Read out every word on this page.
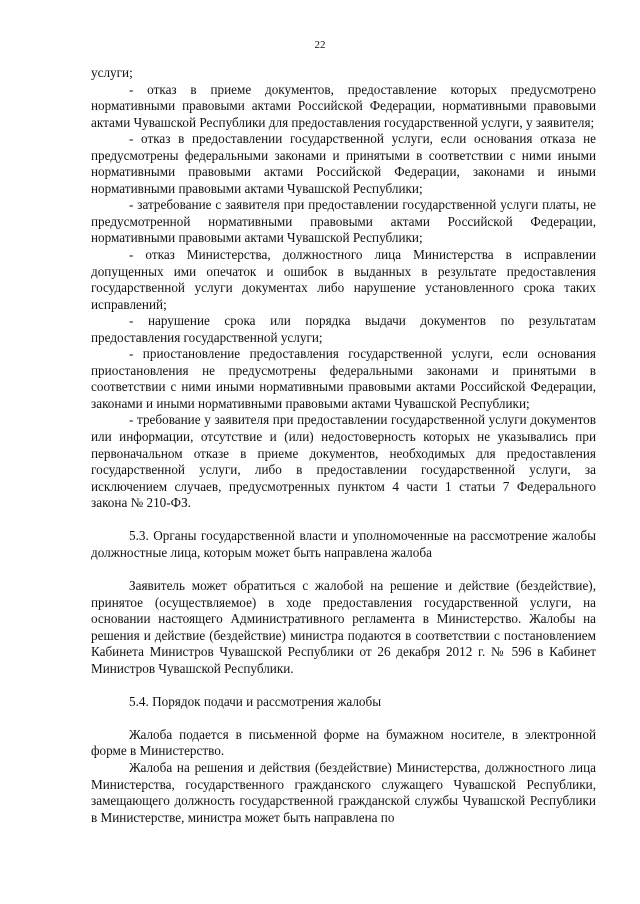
22

услуги;

- отказ в приеме документов, предоставление которых предусмотрено нормативными правовыми актами Российской Федерации, нормативными правовыми актами Чувашской Республики для предоставления государственной услуги, у заявителя;

- отказ в предоставлении государственной услуги, если основания отказа не предусмотрены федеральными законами и принятыми в соответствии с ними иными нормативными правовыми актами Российской Федерации, законами и иными нормативными правовыми актами Чувашской Республики;

- затребование с заявителя при предоставлении государственной услуги платы, не предусмотренной нормативными правовыми актами Российской Федерации, нормативными правовыми актами Чувашской Республики;

- отказ Министерства, должностного лица Министерства в исправлении допущенных ими опечаток и ошибок в выданных в результате предоставления государственной услуги документах либо нарушение установленного срока таких исправлений;

- нарушение срока или порядка выдачи документов по результатам предоставления государственной услуги;

- приостановление предоставления государственной услуги, если основания приостановления не предусмотрены федеральными законами и принятыми в соответствии с ними иными нормативными правовыми актами Российской Федерации, законами и иными нормативными правовыми актами Чувашской Республики;

- требование у заявителя при предоставлении государственной услуги документов или информации, отсутствие и (или) недостоверность которых не указывались при первоначальном отказе в приеме документов, необходимых для предоставления государственной услуги, либо в предоставлении государственной услуги, за исключением случаев, предусмотренных пунктом 4 части 1 статьи 7 Федерального закона № 210-ФЗ.

5.3. Органы государственной власти и уполномоченные на рассмотрение жалобы должностные лица, которым может быть направлена жалоба

Заявитель может обратиться с жалобой на решение и действие (бездействие), принятое (осуществляемое) в ходе предоставления государственной услуги, на основании настоящего Административного регламента в Министерство. Жалобы на решения и действие (бездействие) министра подаются в соответствии с постановлением Кабинета Министров Чувашской Республики от 26 декабря 2012 г. № 596 в Кабинет Министров Чувашской Республики.

5.4. Порядок подачи и рассмотрения жалобы

Жалоба подается в письменной форме на бумажном носителе, в электронной форме в Министерство.

Жалоба на решения и действия (бездействие) Министерства, должностного лица Министерства, государственного гражданского служащего Чувашской Республики, замещающего должность государственной гражданской службы Чувашской Республики в Министерстве, министра может быть направлена по
